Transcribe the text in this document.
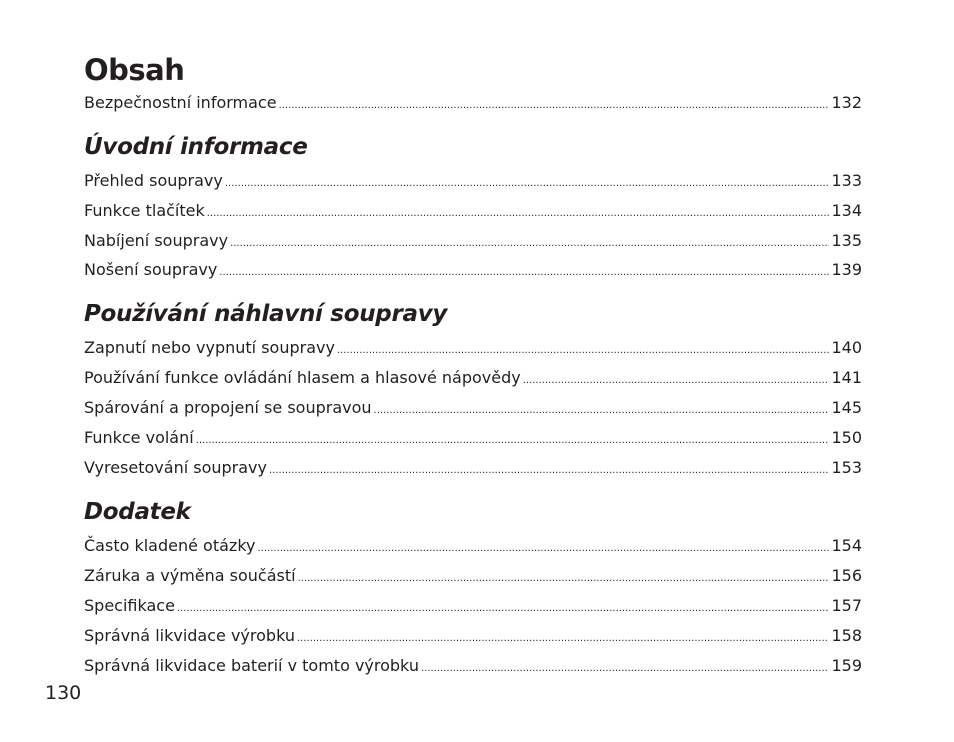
Obsah
Bezpečnostní informace .....	132
Úvodní informace
Přehled soupravy .....	133
Funkce tlačítek .....	134
Nabíjení soupravy .....	135
Nošení soupravy .....	139
Používání náhlavní soupravy
Zapnutí nebo vypnutí soupravy .....	140
Používání funkce ovládání hlasem a hlasové nápovědy .....	141
Spárování a propojení se soupravou .....	145
Funkce volání .....	150
Vyresetování soupravy .....	153
Dodatek
Často kladené otázky .....	154
Záruka a výměna součástí .....	156
Specifikace .....	157
Správná likvidace výrobku .....	158
Správná likvidace baterií v tomto výrobku .....	159
130
